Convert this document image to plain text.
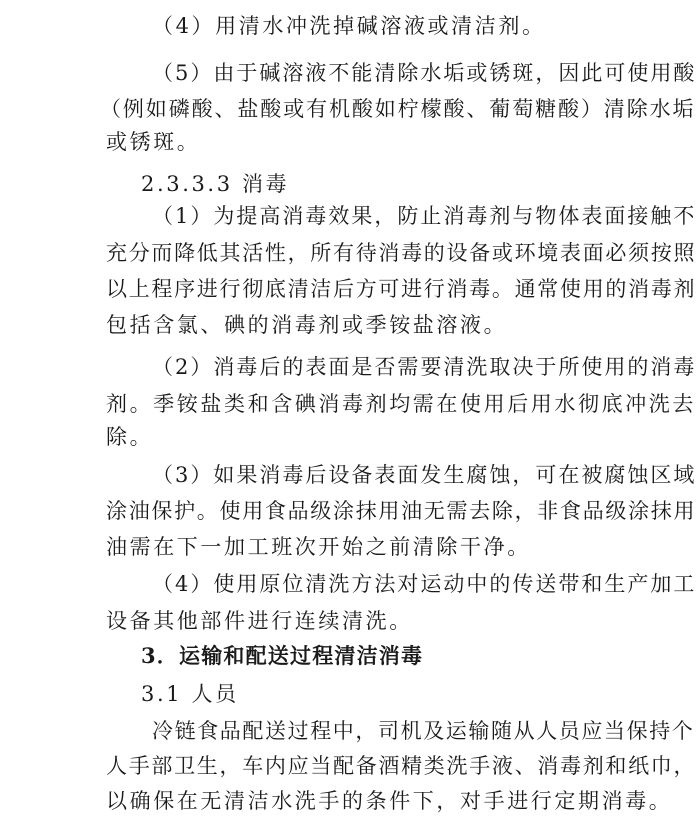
（4）用清水冲洗掉碱溶液或清洁剂。
（5）由于碱溶液不能清除水垢或锈斑，因此可使用酸
（例如磷酸、盐酸或有机酸如柠檬酸、葡萄糖酸）清除水垢
或锈斑。
2.3.3.3 消毒
（1）为提高消毒效果，防止消毒剂与物体表面接触不
充分而降低其活性，所有待消毒的设备或环境表面必须按照
以上程序进行彻底清洁后方可进行消毒。通常使用的消毒剂
包括含氯、碘的消毒剂或季铵盐溶液。
（2）消毒后的表面是否需要清洗取决于所使用的消毒
剂。季铵盐类和含碘消毒剂均需在使用后用水彻底冲洗去
除。
（3）如果消毒后设备表面发生腐蚀，可在被腐蚀区域
涂油保护。使用食品级涂抹用油无需去除，非食品级涂抹用
油需在下一加工班次开始之前清除干净。
（4）使用原位清洗方法对运动中的传送带和生产加工
设备其他部件进行连续清洗。
3．运输和配送过程清洁消毒
3.1 人员
冷链食品配送过程中，司机及运输随从人员应当保持个
人手部卫生，车内应当配备酒精类洗手液、消毒剂和纸巾，
以确保在无清洁水洗手的条件下，对手进行定期消毒。
